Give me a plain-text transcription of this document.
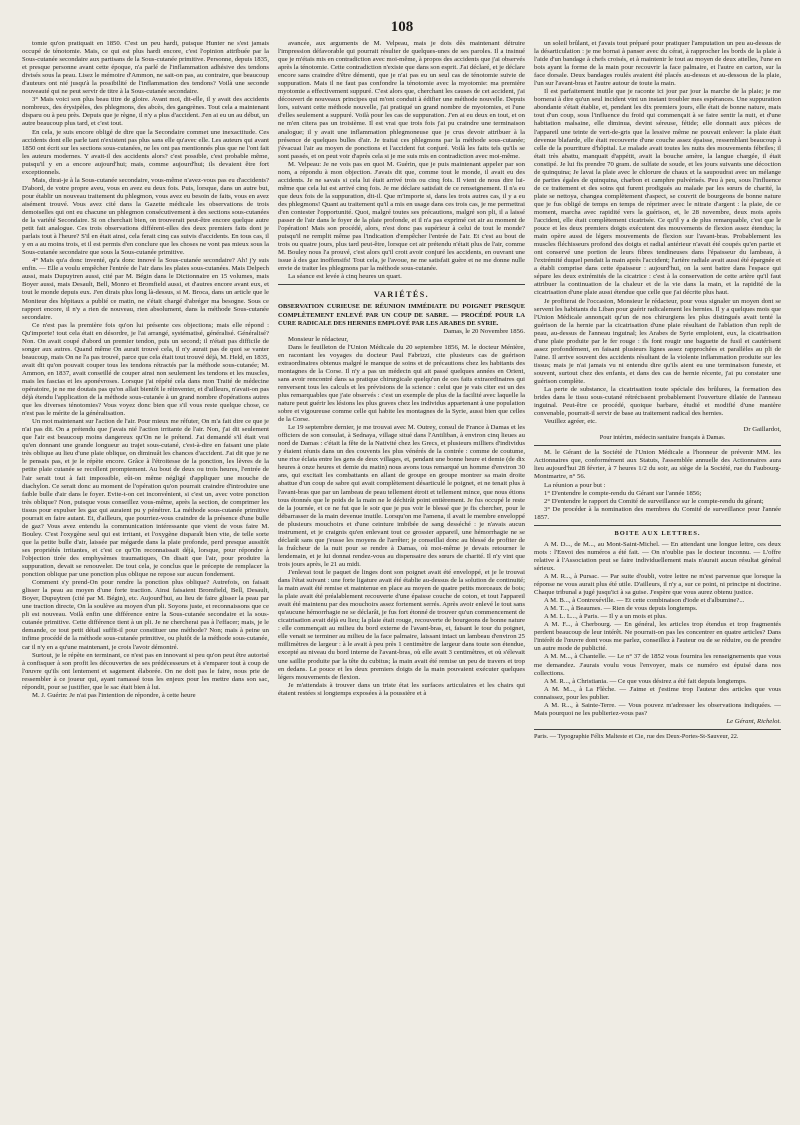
108

tomie qu'on pratiquait en 1850. C'est un peu hardi, puisque Hunter ne s'est jamais occupé de ténotomie. Mais, ce qui est plus hardi encore, c'est l'opinion attribuée par la Sous-cutanée secondaire aux partisans de la Sous-cutanée primitive. Personne, depuis 1835, et presque personne avant cette époque, n'a parlé de l'inflammation adhésive des tendons divisés sous la peau. Lisez le mémoire d'Ammon, ne sait-on pas, au contraire, que beaucoup d'auteurs ont nié jusqu'à la possibilité de l'inflammation des tendons? Voilà une seconde nouveauté qui ne peut servir de titre à la Sous-cutanée secondaire.

3° Mais voici son plus beau titre de gloire. Avant moi, dit-elle, il y avait des accidents nombreux, des érysipèles, des phlegmons, des abcès, des gangrènes. Tout cela a maintenant disparu ou à peu près. Depuis que je règne, il n'y a plus d'accident. J'en ai eu un au début, un autre beaucoup plus tard, et c'est tout.

En cela, je suis encore obligé de dire que la Secondaire commet une inexactitude. Ces accidents dont elle parle tant n'existent pas plus sans elle qu'avec elle. Les auteurs qui avant 1850 ont écrit sur les sections sous-cutanées, ne les ont pas mentionnés plus que ne l'ont fait les auteurs modernes. Y avait-il des accidents alors? c'est possible, c'est probable même, puisqu'il y en a encore aujourd'hui; mais, comme aujourd'hui; ils devaient être fort exceptionnels.

Mais, dirai-je à la Sous-cutanée secondaire, vous-même n'avez-vous pas eu d'accidents? D'abord, de votre propre aveu, vous en avez eu deux fois. Puis, lorsque, dans un autre but, pour établir un nouveau traitement du phlegmon, vous avez eu besoin de faits, vous en avez aisément trouvé. Vous avez cité dans la Gazette médicale les observations de trois demoiselles qui ont eu chacune un phlegmon consécutivement à des sections sous-cutanées de la variété Secondaire. Si on cherchait bien, on trouverait peut-être encore quelque autre petit fait analogue. Ces trois observations différent-elles des deux premiers faits dont je parlais tout à l'heure? S'il en était ainsi, cela ferait cinq cas suivis d'accidents. En tous cas, il y en a au moins trois, et il est permis d'en conclure que les choses ne vont pas mieux sous la Sous-cutanée secondaire que sous la Sous-cutanée primitive.

4° Mais qu'a donc inventé, qu'a donc innové la Sous-cutanée secondaire? Ah! j'y suis enfin. — Elle a voulu empêcher l'entrée de l'air dans les plaies sous-cutanées. Mais Delpech aussi, mais Dupuytren aussi, cité par M. Bégin dans le Dictionnaire en 15 volumes, mais Boyer aussi, mais Desault, Bell, Monro et Bromfield aussi, et d'autres encore avant eux, et tout le monde depuis eux. J'en dirais plus long là-dessus, si M. Broca, dans un article que le Moniteur des hôpitaux a publié ce matin, ne s'était chargé d'abréger ma besogne. Sous ce rapport encore, il n'y a rien de nouveau, rien absolument, dans la méthode Sous-cutanée secondaire.

Ce n'est pas la première fois qu'on lui présente ces objections; mais elle répond : Qu'importe! tout cela était en désordre, je l'ai arrangé, systématisé, généralisé. Généralisé? Non. On avait coupé d'abord un premier tendon, puis un second; il n'était pas difficile de songer aux autres. Quand même On aurait trouvé cela, il n'y aurait pas de quoi se vanter beaucoup, mais On ne l'a pas trouvé, parce que cela était tout trouvé déjà, M. Held, en 1835, avait dit qu'on pouvait couper tous les tendons rétractés par la méthode sous-cutanée; M. Ammon, en 1837, avait conseillé de couper ainsi non seulement les tendons et les muscles, mais les fascias et les aponévroses. Lorsque j'ai répété cela dans mon Traité de médecine opératoire, je ne me doutais pas qu'on allait bientôt le réinventer, et d'ailleurs, n'avait-on pas déjà étendu l'application de la méthode sous-cutanée à un grand nombre d'opérations autres que les diverses ténotomies? Vous voyez donc bien que s'il vous reste quelque chose, ce n'est pas le mérite de la généralisation.

Un mot maintenant sur l'action de l'air. Pour mieux me réfuter, On m'a fait dire ce que je n'ai pas dit. On a prétendu que j'avais nié l'action irritante de l'air. Non, j'ai dit seulement que l'air est beaucoup moins dangereux qu'On ne le prétend. J'ai demandé s'il était vrai qu'en donnant une grande longueur au trajet sous-cutané, c'est-à-dire en faisant une plaie très oblique au lieu d'une plaie oblique, on diminuât les chances d'accident. J'ai dit que je ne le pensais pas, et je le répète encore. Grâce à l'étroitesse de la ponction, les lèvres de la petite plaie cutanée se recollent promptement. Au bout de deux ou trois heures, l'entrée de l'air serait tout à fait impossible, eût-on même négligé d'appliquer une mouche de diachylon. Ce serait donc au moment de l'opération qu'on pourrait craindre d'introduire une faible bulle d'air dans le foyer. Evite-t-on cet inconvénient, si c'est un, avec votre ponction très oblique? Non, puisque vous conseillez vous-même, après la section, de comprimer les tissus pour expulser les gaz qui auraient pu y pénétrer. La méthode sous-cutanée primitive pourrait en faire autant. Et, d'ailleurs, que pourriez-vous craindre de la présence d'une bulle de gaz? Vous avez entendu la communication intéressante que vient de vous faire M. Bouley. C'est l'oxygène seul qui est irritant, et l'oxygène disparaît bien vite, de telle sorte que la petite bulle d'air, laissée par mégarde dans la plaie profonde, perd presque aussitôt ses propriétés irritantes, et c'est ce qu'On reconnaissait déjà, lorsque, pour répondre à l'objection tirée des emphysèmes traumatiques, On disait que l'air, pour produire la suppuration, devait se renouveler. De tout cela, je conclus que le précepte de remplacer la ponction oblique par une ponction plus oblique ne repose sur aucun fondement.

Comment s'y prend-On pour rendre la ponction plus oblique? Autrefois, on faisait glisser la peau au moyen d'une forte traction. Ainsi faisaient Bromfield, Bell, Desault, Boyer, Dupuytren (cité par M. Bégin), etc. Aujourd'hui, au lieu de faire glisser la peau par une traction directe, On la soulève au moyen d'un pli. Soyons juste, et reconnaissons que ce pli est nouveau. Voilà enfin une différence entre la Sous-cutanée secondaire et la sous-cutanée primitive. Cette différence tient à un pli. Je ne chercherai pas à l'effacer; mais, je le demande, ce tout petit détail suffit-il pour constituer une méthode? Non; mais à peine un infime procédé de la méthode sous-cutanée primitive, ou plutôt de la méthode sous-cutanée, car il n'y en a qu'une maintenant, je crois l'avoir démontré.

Surtout, je le répète en terminant, ce n'est pas en innovant si peu qu'on peut être autorisé à confisquer à son profit les découvertes de ses prédécesseurs et à s'emparer tout à coup de l'œuvre qu'ils ont lentement et sagement élaborée. On ne doit pas le faire, nous prie de ressembler à ce joueur qui, ayant ramassé tous les enjeux pour les mettre dans son sac, répondit, pour se justifier, que le sac était bien à lui.

M. J. Guérin: Je n'ai pas l'intention de répondre, à cette heure

avancée, aux arguments de M. Velpeau, mais je dois dès maintenant détruire l'impression défavorable qui pourrait résulter de quelques-unes de ses paroles. Il a insinué que je m'étais mis en contradiction avec moi-même, à propos des accidents que j'ai observés après la ténotomie. Cette contradiction n'existe que dans son esprit. J'ai déclaré, et je déclare encore sans craindre d'être démenti, que je n'ai pas eu un seul cas de ténotomie suivie de suppuration. Mais il ne faut pas confondre la ténotomie avec la myotomie: ma première myotomie a effectivement suppuré. C'est alors que, cherchant les causes de cet accident, j'ai découvert de nouveaux principes qui m'ont conduit à édifier une méthode nouvelle. Depuis lors, suivant cette méthode nouvelle, j'ai pratiqué un grand nombre de myotomies, et l'une d'elles seulement a suppuré. Voilà pour les cas de suppuration. J'en ai eu deux en tout, et on ne m'en citera pas un troisième. Il est vrai que trois fois j'ai pu craindre une terminaison analogue; il y avait une inflammation phlegmoneuse que je crus devoir attribuer à la présence de quelques bulles d'air. Je traitai ces phlegmons par la méthode sous-cutanée; j'évacuai l'air au moyen de ponctions et l'accident fut conjuré. Voilà les faits tels qu'ils se sont passés, et on peut voir d'après cela si je me suis mis en contradiction avec moi-même.

M. Velpeau: Je ne vois pas en quoi M. Guérin, que je puis maintenant appeler par son nom, a répondu à mon objection. J'avais dit que, comme tout le monde, il avait eu des accidents. Je ne savais si cela lui était arrivé trois ou cinq fois. Il vient de nous dire lui-même que cela lui est arrivé cinq fois. Je me déclare satisfait de ce renseignement. Il n'a eu que deux fois de la suppuration, dit-il. Que m'importe si, dans les trois autres cas, il y a eu des phlegmons! Quant au traitement qu'il a mis en usage dans ces trois cas, je me permettrai d'en contester l'opportunité. Quoi, malgré toutes ses précautions, malgré son pli, il a laissé passer de l'air dans le foyer de la plaie profonde, et il n'a pas exprimé cet air au moment de l'opération! Mais son procédé, alors, n'est donc pas supérieur à celui de tout le monde? puisqu'il ne remplit même pas l'indication d'empêcher l'entrée de l'air. Et c'est au bout de trois ou quatre jours, plus tard peut-être, lorsque cet air prétendu n'était plus de l'air, comme M. Bouley nous l'a prouvé, c'est alors qu'il croit avoir conjuré les accidents, en ouvrant une issue à des gaz inoffensifs! Tout cela, je l'avoue, ne me satisfait guère et ne me donne nulle envie de traiter les phlegmons par la méthode sous-cutanée.

La séance est levée à cinq heures un quart.

VARIÉTÉS.

OBSERVATION CURIEUSE DE RÉUNION IMMÉDIATE DU POIGNET PRESQUE COMPLÈTEMENT ENLEVÉ PAR UN COUP DE SABRE. — PROCÉDÉ POUR LA CURE RADICALE DES HERNIES EMPLOYÉ PAR LES ARABES DE SYRIE.

Damas, le 20 Novembre 1856.

Monsieur le rédacteur,

Dans le feuilleton de l'Union Médicale du 20 septembre 1856, M. le docteur Ménière, en racontant les voyages du docteur Paul Fabrizzi, cite plusieurs cas de guérison extraordinaires obtenus malgré le manque de soins et de précautions chez les habitants des montagnes de la Corse. Il n'y a pas un médecin qui ait passé quelques années en Orient, sans avoir rencontré dans sa pratique chirurgicale quelqu'un de ces faits extraordinaires qui renversent tous les calculs et les prévisions de la science : celui que je vais citer est un des plus remarquables que j'aie observés : c'est un exemple de plus de la facilité avec laquelle la nature peut guérir les lésions les plus graves chez les individus appartenant à une population sobre et vigoureuse comme celle qui habite les montagnes de la Syrie, aussi bien que celles de la Corse.

Le 19 septembre dernier, je me trouvai avec M. Outrey, consul de France à Damas et les officiers de son consulat, à Sednaya, village situé dans l'Antiliban, à environ cinq lieues au nord de Damas : c'était la fête de la Nativité chez les Grecs, et plusieurs milliers d'individus y étaient réunis dans un des couvents les plus vénérés de la contrée : comme de coutume, une rixe éclata entre les gens de deux villages, et, pendant une bonne heure et demie (de dix heures à onze heures et demie du matin) nous avons tous remarqué un homme d'environ 30 ans, qui excitait les combattants en allant de groupe en groupe montrer sa main droite abattue d'un coup de sabre qui avait complètement désarticulé le poignet, et ne tenait plus à l'avant-bras que par un lambeau de peau tellement étroit et tellement mince, que nous étions tous étonnés que le poids de la main ne le déchirât point entièrement. Je fus occupé le reste de la journée, et ce ne fut que le soir que je pus voir le blessé que je fis chercher, pour le débarrasser de la main devenue inutile. Lorsqu'on me l'amena, il avait le membre enveloppé de plusieurs mouchoirs et d'une ceinture imbibée de sang desséché : je n'avais aucun instrument, et je craignis qu'en enlevant tout ce grossier appareil, une hémorrhagie ne se déclarât sans que j'eusse les moyens de l'arrêter; je conseillai donc au blessé de profiter de la fraîcheur de la nuit pour se rendre à Damas, où moi-même je devais retourner le lendemain, et je lui donnai rendez-vous au dispensaire des sœurs de charité. Il n'y vint que trois jours après, le 21 au midi.

J'enlevai tout le paquet de linges dont son poignet avait été enveloppé, et je le trouvai dans l'état suivant : une forte ligature avait été établie au-dessus de la solution de continuité; la main avait été remise et maintenue en place au moyen de quatre petits morceaux de bois; la plaie avait été préalablement recouverte d'une épaisse couche de coton, et tout l'appareil avait été maintenu par des mouchoirs assez fortement serrés. Après avoir enlevé le tout sans qu'aucune hémorrhagie ne se déclarât, je fus fort étonné de trouver qu'un commencement de cicatrisation avait déjà eu lieu; la plaie était rouge, recouverte de bourgeons de bonne nature : elle commençait au milieu du bord externe de l'avant-bras, et, faisant le tour du poignet, elle venait se terminer au milieu de la face palmaire, laissant intact un lambeau d'environ 25 millimètres de largeur : à le avait à peu près 1 centimètre de largeur dans toute son étendue, excepté au niveau du bord interne de l'avant-bras, où elle avait 3 centimètres, et où s'élevait une saillie produite par la tête du cubitus; la main avait été remise un peu de travers et trop en dedans. Le pouce et les deux premiers doigts de la main pouvaient exécuter quelques légers mouvements de flexion.

Je m'attendais à trouver dans un triste état les surfaces articulaires et les chairs qui étaient restées si longtemps exposées à la poussière et à

un soleil brûlant, et j'avais tout préparé pour pratiquer l'amputation un peu au-dessus de la désarticulation : je me bornai à panser avec du cérat, à rapprocher les bords de la plaie à l'aide d'un bandage à chefs croisés, et à maintenir le tout au moyen de deux attelles, l'une en bois ayant la forme de la main pour recouvrir la face palmaire, et l'autre en carton, sur la face dorsale. Deux bandages roulés avaient été placés au-dessus et au-dessous de la plaie, l'un sur l'avant-bras et l'autre autour de toute la main.

Il est parfaitement inutile que je raconte ici jour par jour la marche de la plaie; je me bornerai à dire qu'un seul incident vint un instant troubler mes espérances. Une suppuration abondante s'était établie, et, pendant les dix premiers jours, elle était de bonne nature, mais tout d'un coup, sous l'influence du froid qui commençait à se faire sentir la nuit, et d'une habitation malsaine, elle diminua, devint séreuse, fétide; elle donnait aux pièces de l'appareil une teinte de vert-de-gris que la lessive même ne pouvait enlever: la plaie était devenue blafarde, elle était recouverte d'une couche assez épaisse, ressemblant beaucoup à celle de la pourriture d'hôpital. Le malade avait toutes les nuits des mouvements fébriles; il était très abattu, manquait d'appétit, avait la bouche amère, la langue chargée, il était constipé. Je lui fis prendre 70 gram. de sulfate de soude, et les jours suivants une décoction de quinquina; Je lavai la plaie avec le chlorure de chaux et la saupoudrai avec un mélange de parties égales de quinquina, charbon et camphre pulvérisés. Peu à peu, sous l'influence de ce traitement et des soins qui furent prodigués au malade par les sœurs de charité, la plaie se nettoya, changea complètement d'aspect, se couvrit de bourgeons de bonne nature que je fus obligé de temps en temps de réprimer avec le nitrate d'argent : la plaie, de ce moment, marcha avec rapidité vers la guérison, et, le 28 novembre, deux mois après l'accident, elle était complètement cicatrisée. Ce qu'il y a de plus remarquable, c'est que le pouce et les deux premiers doigts exécutent des mouvements de flexion assez étendus; la main opère aussi de légers mouvements de flexion sur l'avant-bras. Probablement les muscles fléchisseurs profond des doigts et radial antérieur n'avait été coupés qu'en partie et ont conservé une portion de leurs fibres tendineuses dans l'épaisseur du lambeau, à l'extrémité duquel pendait la main après l'accident; l'artère radiale avait aussi été épargnée et a établi comprise dans cette épaisseur : aujourd'hui, on la sent battre dans l'espace qui sépare les deux extrémités de la cicatrice : c'est à la conservation de cette artère qu'il faut attribuer la continuation de la chaleur et de la vie dans la main, et la rapidité de la cicatrisation d'une plaie aussi étendue que celle que j'ai décrite plus haut.

Je profiterai de l'occasion, Monsieur le rédacteur, pour vous signaler un moyen dont se servent les habitants du Liban pour guérir radicalement les hernies. Il y a quelques mois que l'Union Médicale annonçait qu'un de nos chirurgiens les plus distingués avait tenté la guérison de la hernie par la cicatrisation d'une plaie résultant de l'ablation d'un repli de peau, au-dessus de l'anneau inguinal; les Arabes de Syrie emploient, eux, la cicatrisation d'une plaie produite par le fer rouge : ils font rougir une baguette de fusil et cautérisent assez profondément, en faisant plusieurs lignes assez rapprochées et parallèles au pli de l'aine. Il arrive souvent des accidents résultant de la violente inflammation produite sur les tissus; mais je n'ai jamais vu ni entendu dire qu'ils aient eu une terminaison funeste, et souvent, surtout chez des enfants, et dans des cas de hernie récente, j'ai pu constater une guérison complète.

La perte de substance, la cicatrisation toute spéciale des brûlures, la formation des brides dans le tissu sous-cutané rétrécissent probablement l'ouverture dilatée de l'anneau inguinal. Peut-être ce procédé, quoique barbare, étudié et modifié d'une manière convenable, pourrait-il servir de base au traitement radical des hernies.

Veuillez agréer, etc.

Dr Gaillardot,

Pour intérim, médecin sanitaire français à Damas.

M. le Gérant de la Société de l'Union Médicale a l'honneur de prévenir MM. les Actionnaires que, conformément aux Statuts, l'assemblée annuelle des Actionnaires aura lieu aujourd'hui 28 février, à 7 heures 1/2 du soir, au siège de la Société, rue du Faubourg-Montmartre, n° 56.

La réunion a pour but :

1° D'entendre le compte-rendu du Gérant sur l'année 1856;

2° D'entendre le rapport du Comité de surveillance sur le compte-rendu du gérant;

3° De procéder à la nomination des membres du Comité de surveillance pour l'année 1857.

BOITE AUX LETTRES.

A M. D..., de M..., au Mont-Saint-Michel. — En attendant une longue lettre, ces deux mots : l'Envoi des numéros a été fait. — On n'oublie pas le docteur inconnu. — L'offre relative à l'Association peut se faire individuellement mais n'aurait aucun résultat général sérieux.

A M. R..., à Pursac. — Par suite d'oubli, votre lettre ne m'est parvenue que lorsque la réponse ne vous aurait plus été utile. D'ailleurs, il n'y a, sur ce point, ni principe ni doctrine. Chaque tribunal a jugé jusqu'ici à sa guise. J'espère que vous aurez obtenu justice.

A M. B..., à Contrexéville. — Et cette combinaison d'iode et d'albumine?...

A M. T..., à Beaumes. — Rien de vous depuis longtemps.

A M. L. L..., à Paris. — Il y a un mois et plus.

A M. F..., à Cherbourg. — En général, les articles trop étendus et trop fragmentés perdent beaucoup de leur intérêt. Ne pourrait-on pas les concentrer en quatre articles? Dans l'intérêt de l'œuvre dont vous me parlez, conseillez à l'auteur ou de se réduire, ou de prendre un autre mode de publicité.

A M. M..., à Chantelle. — Le n° 37 de 1852 vous fournira les renseignements que vous me demandez. J'aurais voulu vous l'envoyer, mais ce numéro est épuisé dans nos collections.

A M. R..., à Christiania. — Ce que vous désirez a été fait depuis longtemps.

A M. M..., à La Flèche. — J'aime et j'estime trop l'auteur des articles que vous connaissez, pour les publier.

A M. R..., à Sainte-Terre. — Vous pouvez m'adresser les observations indiquées. — Mais pourquoi ne les publieriez-vous pas?

Le Gérant, Richelot.

Paris. — Typographie Félix Malteste et Cie, rue des Deux-Portes-St-Sauveur, 22.
